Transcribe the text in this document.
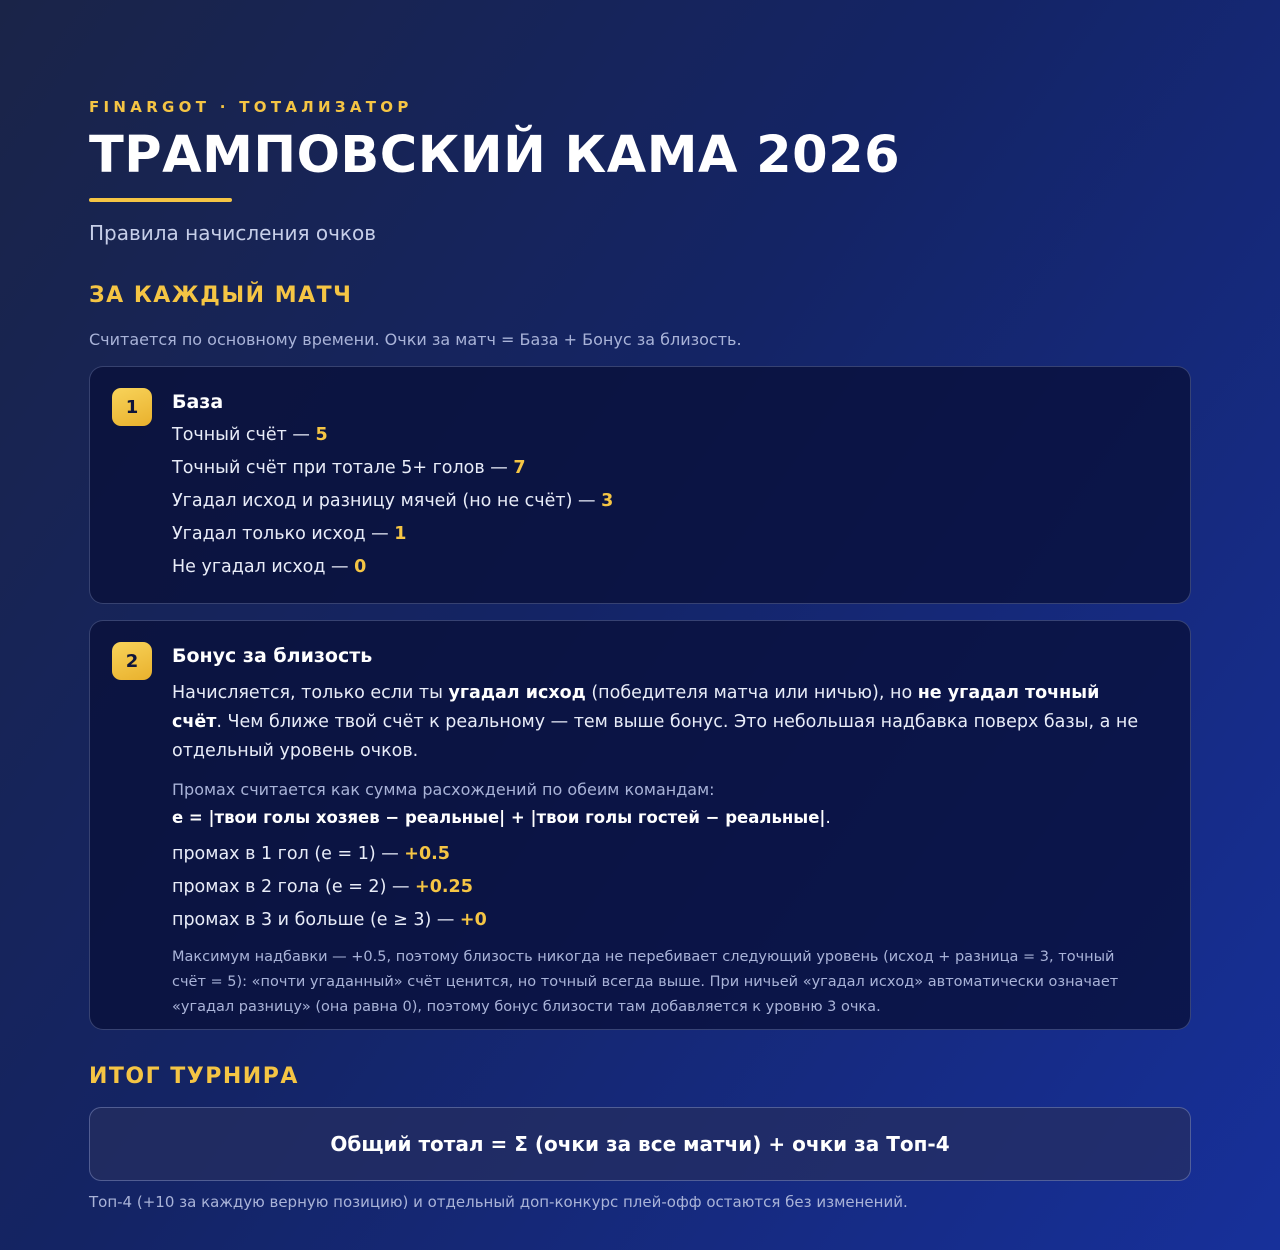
FINARGOT · ТОТАЛИЗАТОР
ТРАМПОВСКИЙ КАМА 2026
Правила начисления очков
ЗА КАЖДЫЙ МАТЧ

Считается по основному времени. Очки за матч = База + Бонус за близость.

1	База
Точный счёт — 5
Точный счёт при тотале 5+ голов — 7
Угадал исход и разницу мячей (но не счёт) — 3
Угадал только исход — 1
Не угадал исход — 0
2	Бонус за близость

Начисляется, только если ты угадал исход (победителя матча или ничью), но не угадал точный счёт. Чем ближе твой счёт к реальному — тем выше бонус. Это небольшая надбавка поверх базы, а не отдельный уровень очков.

Промах считается как сумма расхождений по обеим командам:
e = |твои голы хозяев − реальные| + |твои голы гостей − реальные|.
промах в 1 гол (e = 1) — +0.5
промах в 2 гола (e = 2) — +0.25
промах в 3 и больше (e ≥ 3) — +0

Максимум надбавки — +0.5, поэтому близость никогда не перебивает следующий уровень (исход + разница = 3, точный счёт = 5): «почти угаданный» счёт ценится, но точный всегда выше. При ничьей «угадал исход» автоматически означает «угадал разницу» (она равна 0), поэтому бонус близости там добавляется к уровню 3 очка.

ИТОГ ТУРНИРА
Общий тотал = Σ (очки за все матчи) + очки за Топ-4

Топ-4 (+10 за каждую верную позицию) и отдельный доп-конкурс плей-офф остаются без изменений.
